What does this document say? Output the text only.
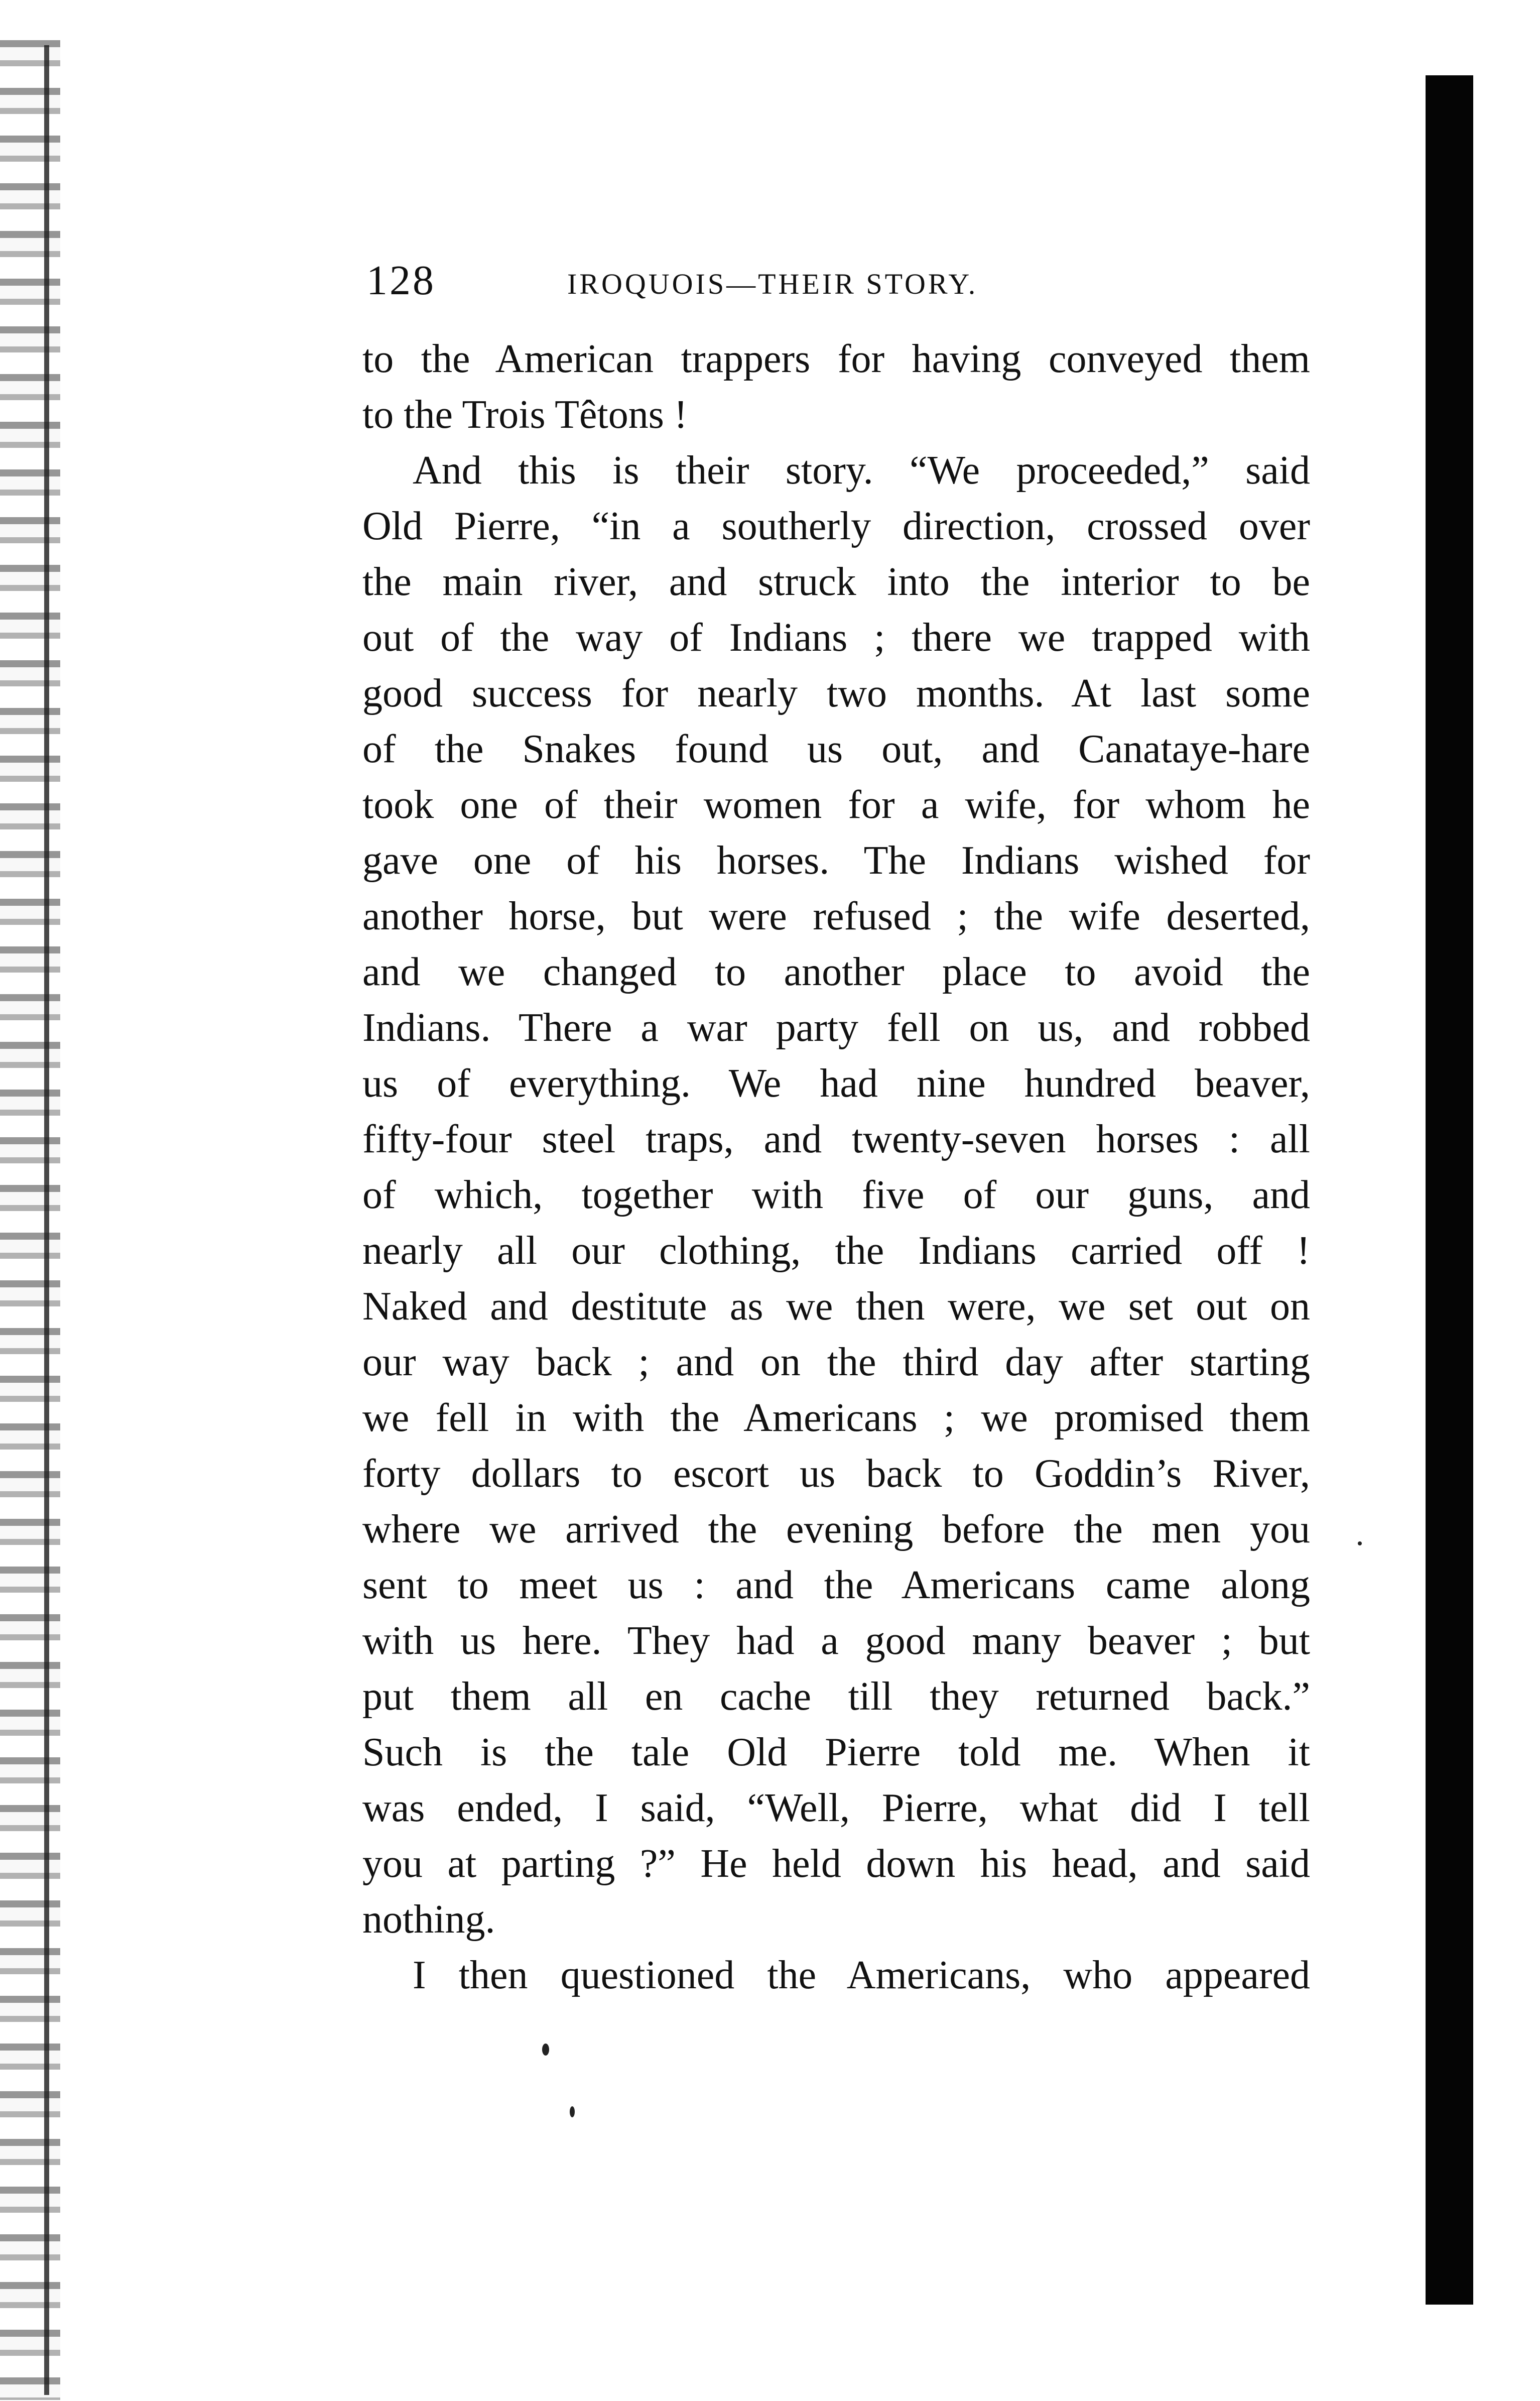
128	IROQUOIS—THEIR STORY.
to the American trappers for having conveyed them
to the Trois Têtons !
And this is their story. “We proceeded,” said
Old Pierre, “in a southerly direction, crossed over
the main river, and struck into the interior to be
out of the way of Indians ; there we trapped with
good success for nearly two months. At last some
of the Snakes found us out, and Canataye-hare
took one of their women for a wife, for whom he
gave one of his horses. The Indians wished for
another horse, but were refused ; the wife deserted,
and we changed to another place to avoid the
Indians. There a war party fell on us, and robbed
us of everything. We had nine hundred beaver,
fifty-four steel traps, and twenty-seven horses : all
of which, together with five of our guns, and
nearly all our clothing, the Indians carried off !
Naked and destitute as we then were, we set out on
our way back ; and on the third day after starting
we fell in with the Americans ; we promised them
forty dollars to escort us back to Goddin’s River,
where we arrived the evening before the men you
sent to meet us : and the Americans came along
with us here. They had a good many beaver ; but
put them all en cache till they returned back.”
Such is the tale Old Pierre told me. When it
was ended, I said, “Well, Pierre, what did I tell
you at parting ?” He held down his head, and said
nothing.
I then questioned the Americans, who appeared
